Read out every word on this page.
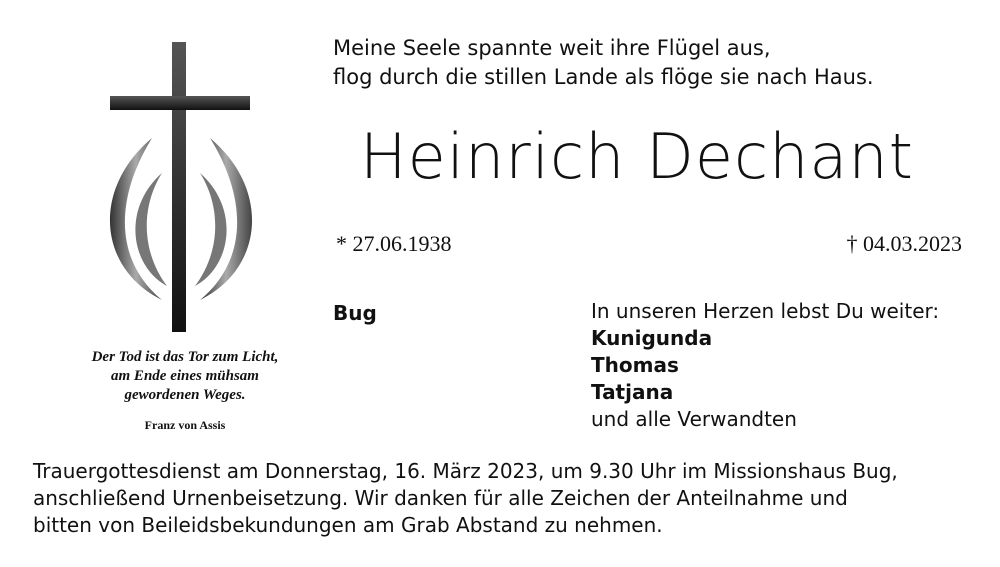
Der Tod ist das Tor zum Licht,
am Ende eines mühsam
gewordenen Weges.
Franz von Assis
Meine Seele spannte weit ihre Flügel aus,
flog durch die stillen Lande als flöge sie nach Haus.
Heinrich Dechant
* 27.06.1938	† 04.03.2023
Bug	In unseren Herzen lebst Du weiter:
Kunigunda
Thomas
Tatjana
und alle Verwandten
Trauergottesdienst am Donnerstag, 16. März 2023, um 9.30 Uhr im Missionshaus Bug,
anschließend Urnenbeisetzung. Wir danken für alle Zeichen der Anteilnahme und
bitten von Beileidsbekundungen am Grab Abstand zu nehmen.
